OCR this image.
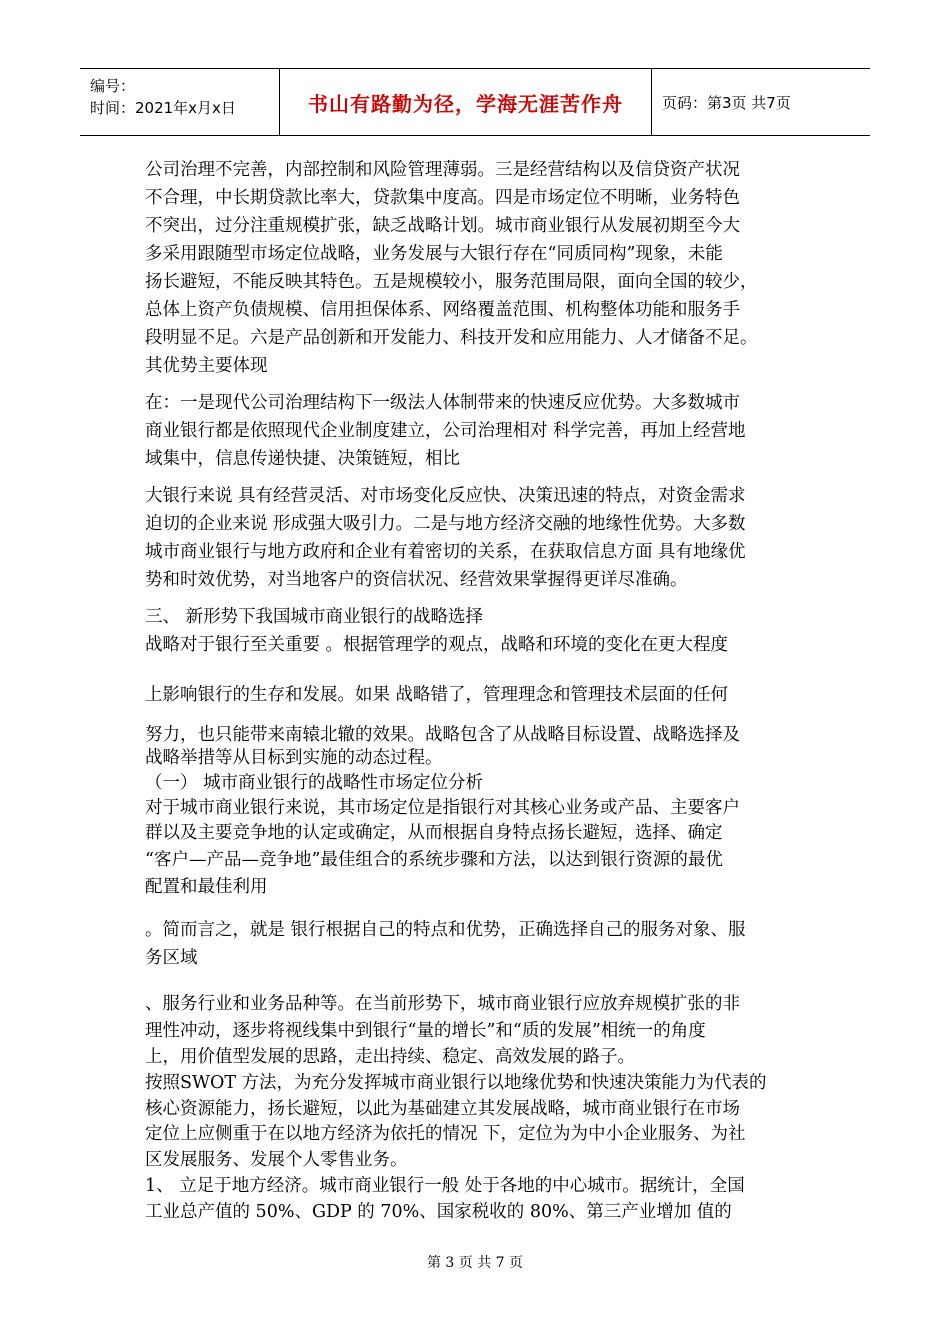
编号：
时间：2021年x月x日	书山有路勤为径，学海无涯苦作舟	页码：第3页 共7页

公司治理不完善，内部控制和风险管理薄弱。三是经营结构以及信贷资产状况

不合理，中长期贷款比率大，贷款集中度高。四是市场定位不明晰，业务特色

不突出，过分注重规模扩张，缺乏战略计划。城市商业银行从发展初期至今大

多采用跟随型市场定位战略，业务发展与大银行存在“同质同构”现象，未能

扬长避短，不能反映其特色。五是规模较小，服务范围局限，面向全国的较少，

总体上资产负债规模、信用担保体系、网络覆盖范围、机构整体功能和服务手

段明显不足。六是产品创新和开发能力、科技开发和应用能力、人才储备不足。

其优势主要体现

在：一是现代公司治理结构下一级法人体制带来的快速反应优势。大多数城市

商业银行都是依照现代企业制度建立，公司治理相对 科学完善，再加上经营地

域集中，信息传递快捷、决策链短，相比

大银行来说 具有经营灵活、对市场变化反应快、决策迅速的特点，对资金需求

迫切的企业来说 形成强大吸引力。二是与地方经济交融的地缘性优势。大多数

城市商业银行与地方政府和企业有着密切的关系，在获取信息方面 具有地缘优

势和时效优势，对当地客户的资信状况、经营效果掌握得更详尽准确。

三、 新形势下我国城市商业银行的战略选择

战略对于银行至关重要 。根据管理学的观点，战略和环境的变化在更大程度

上影响银行的生存和发展。如果 战略错了，管理理念和管理技术层面的任何

努力，也只能带来南辕北辙的效果。战略包含了从战略目标设置、战略选择及

战略举措等从目标到实施的动态过程。

（一） 城市商业银行的战略性市场定位分析

对于城市商业银行来说，其市场定位是指银行对其核心业务或产品、主要客户

群以及主要竞争地的认定或确定，从而根据自身特点扬长避短，选择、确定

“客户—产品—竞争地”最佳组合的系统步骤和方法，以达到银行资源的最优

配置和最佳利用

。简而言之，就是 银行根据自己的特点和优势，正确选择自己的服务对象、服

务区域

、服务行业和业务品种等。在当前形势下，城市商业银行应放弃规模扩张的非

理性冲动，逐步将视线集中到银行“量的增长”和“质的发展”相统一的角度

上，用价值型发展的思路，走出持续、稳定、高效发展的路子。

按照SWOT 方法，为充分发挥城市商业银行以地缘优势和快速决策能力为代表的

核心资源能力，扬长避短，以此为基础建立其发展战略，城市商业银行在市场

定位上应侧重于在以地方经济为依托的情况 下，定位为为中小企业服务、为社

区发展服务、发展个人零售业务。

1、 立足于地方经济。城市商业银行一般 处于各地的中心城市。据统计，全国

工业总产值的 50%、GDP 的 70%、国家税收的 80%、第三产业增加 值的

第 3 页 共 7 页
